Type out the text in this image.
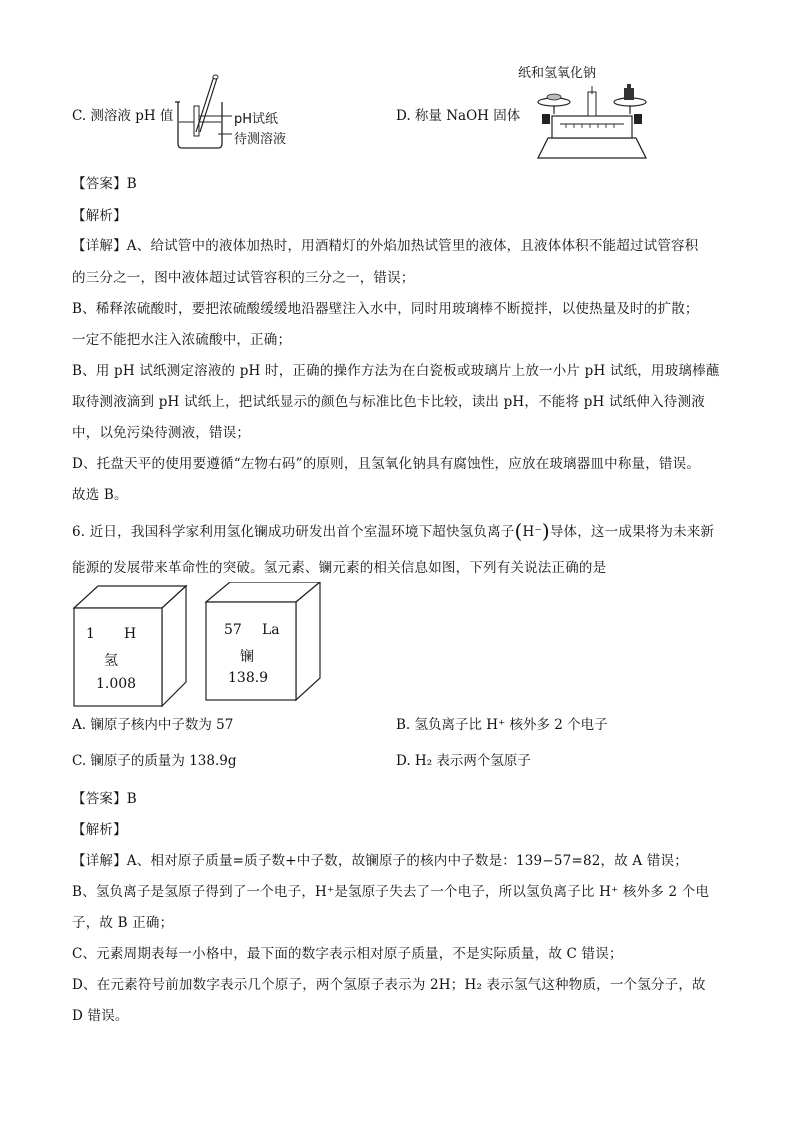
C. 测溶液 pH 值	pH试纸
待测溶液
D. 称量 NaOH 固体
纸和氢氧化钠
【答案】B
【解析】
【详解】A、给试管中的液体加热时，用酒精灯的外焰加热试管里的液体，且液体体积不能超过试管容积
的三分之一，图中液体超过试管容积的三分之一，错误；
B、稀释浓硫酸时，要把浓硫酸缓缓地沿器壁注入水中，同时用玻璃棒不断搅拌，以使热量及时的扩散；
一定不能把水注入浓硫酸中，正确；
B、用 pH 试纸测定溶液的 pH 时，正确的操作方法为在白瓷板或玻璃片上放一小片 pH 试纸，用玻璃棒蘸
取待测液滴到 pH 试纸上，把试纸显示的颜色与标准比色卡比较，读出 pH，不能将 pH 试纸伸入待测液
中，以免污染待测液，错误；
D、托盘天平的使用要遵循“左物右码”的原则，且氢氧化钠具有腐蚀性，应放在玻璃器皿中称量，错误。
故选 B。
6. 近日，我国科学家利用氢化镧成功研发出首个室温环境下超快氢负离子(H⁻)导体，这一成果将为未来新
能源的发展带来革命性的突破。氢元素、镧元素的相关信息如图，下列有关说法正确的是
1 H
氢
1.008
57 La
镧
138.9
A. 镧原子核内中子数为 57	B. 氢负离子比 H⁺ 核外多 2 个电子
C. 镧原子的质量为 138.9g	D. H₂ 表示两个氢原子
【答案】B
【解析】
【详解】A、相对原子质量=质子数+中子数，故镧原子的核内中子数是：139−57=82，故 A 错误；
B、氢负离子是氢原子得到了一个电子，H⁺是氢原子失去了一个电子，所以氢负离子比 H⁺ 核外多 2 个电
子，故 B 正确；
C、元素周期表每一小格中，最下面的数字表示相对原子质量，不是实际质量，故 C 错误；
D、在元素符号前加数字表示几个原子，两个氢原子表示为 2H；H₂ 表示氢气这种物质，一个氢分子，故
D 错误。
